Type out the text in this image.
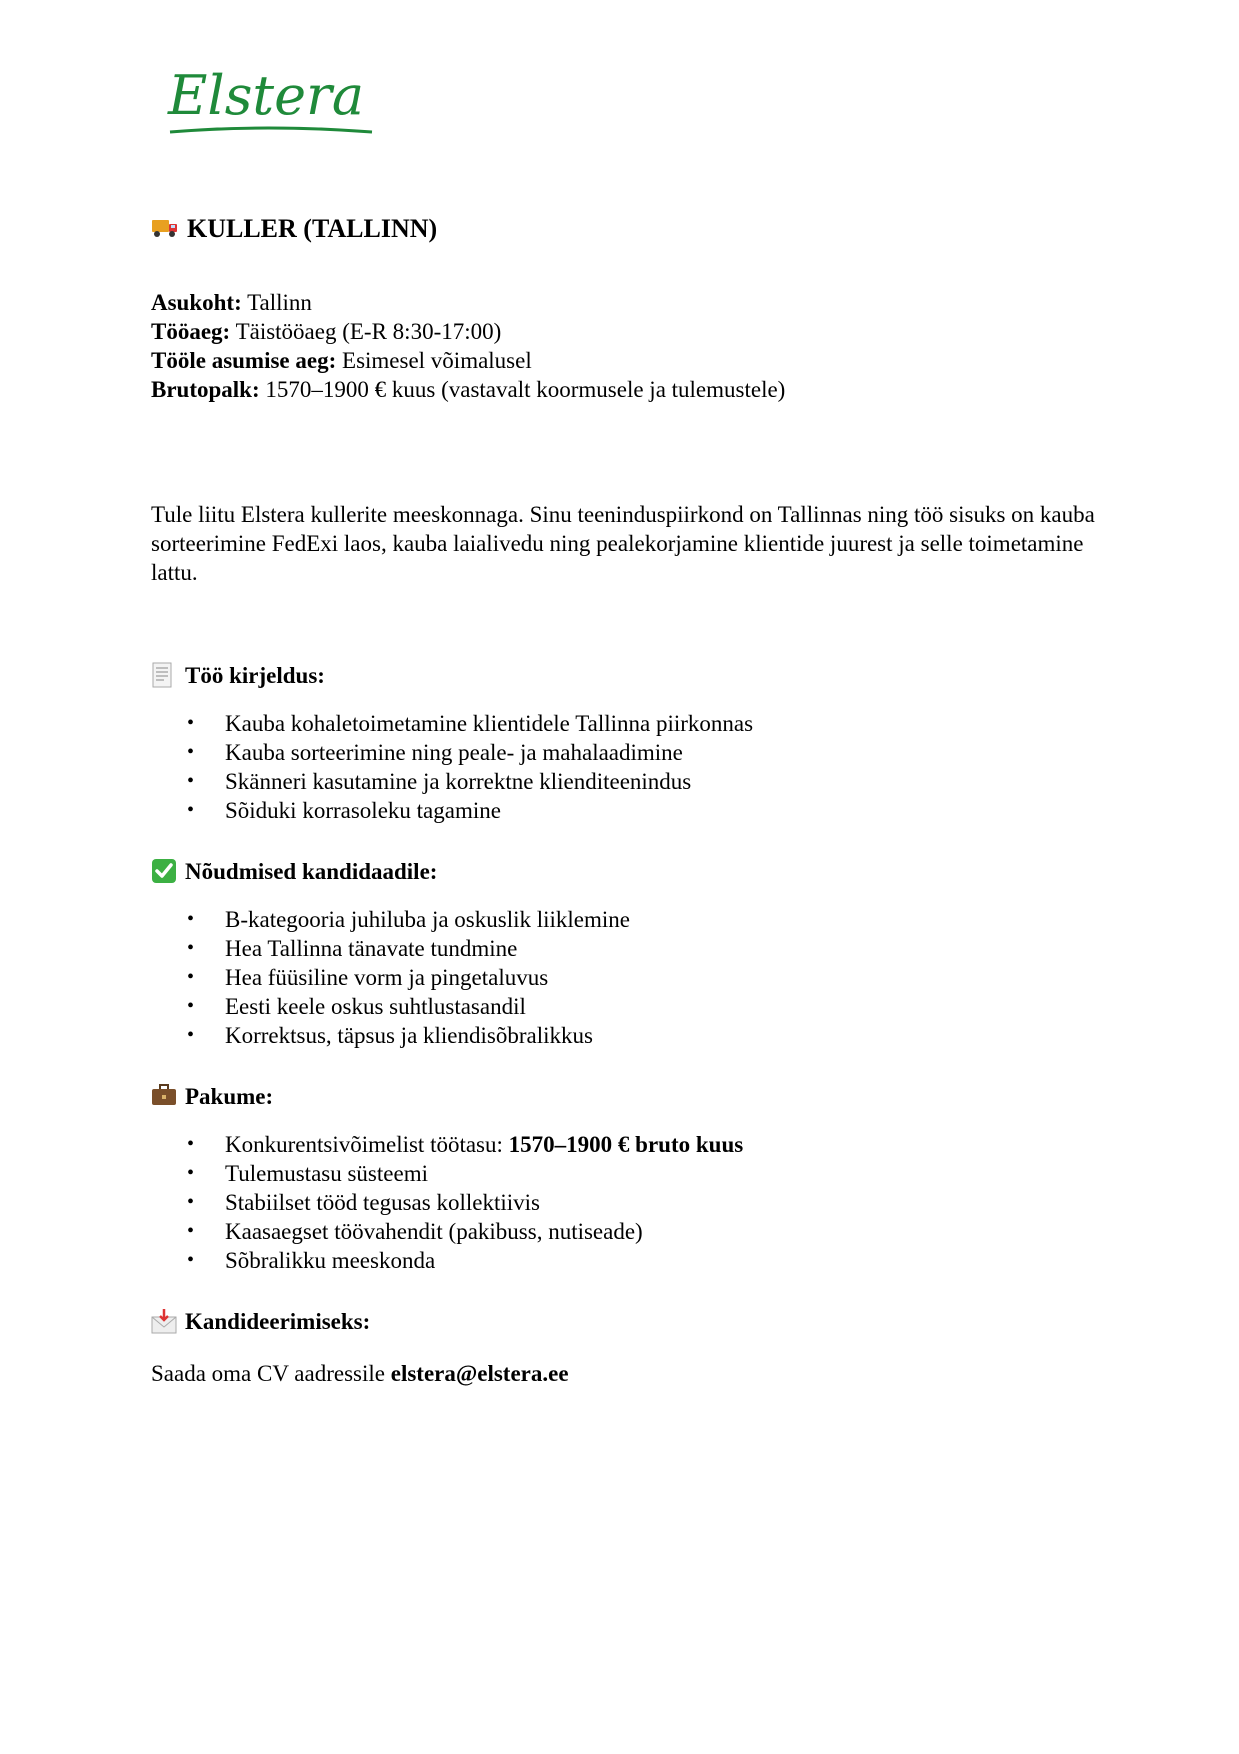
Elstera
KULLER (TALLINN)
Asukoht: Tallinn
Tööaeg: Täistööaeg (E-R 8:30-17:00)
Tööle asumise aeg: Esimesel võimalusel
Brutopalk: 1570–1900 € kuus (vastavalt koormusele ja tulemustele)

Tule liitu Elstera kullerite meeskonnaga. Sinu teeninduspiirkond on Tallinnas ning töö sisuks on kauba sorteerimine FedExi laos, kauba laialivedu ning pealekorjamine klientide juurest ja selle toimetamine lattu.

Töö kirjeldus:
• Kauba kohaletoimetamine klientidele Tallinna piirkonnas
• Kauba sorteerimine ning peale- ja mahalaadimine
• Skänneri kasutamine ja korrektne klienditeenindus
• Sõiduki korrasoleku tagamine
Nõudmised kandidaadile:
• B-kategooria juhiluba ja oskuslik liiklemine
• Hea Tallinna tänavate tundmine
• Hea füüsiline vorm ja pingetaluvus
• Eesti keele oskus suhtlustasandil
• Korrektsus, täpsus ja kliendisõbralikkus
Pakume:
• Konkurentsivõimelist töötasu: 1570–1900 € bruto kuus
• Tulemustasu süsteemi
• Stabiilset tööd tegusas kollektiivis
• Kaasaegset töövahendit (pakibuss, nutiseade)
• Sõbralikku meeskonda
Kandideerimiseks:

Saada oma CV aadressile elstera@elstera.ee
